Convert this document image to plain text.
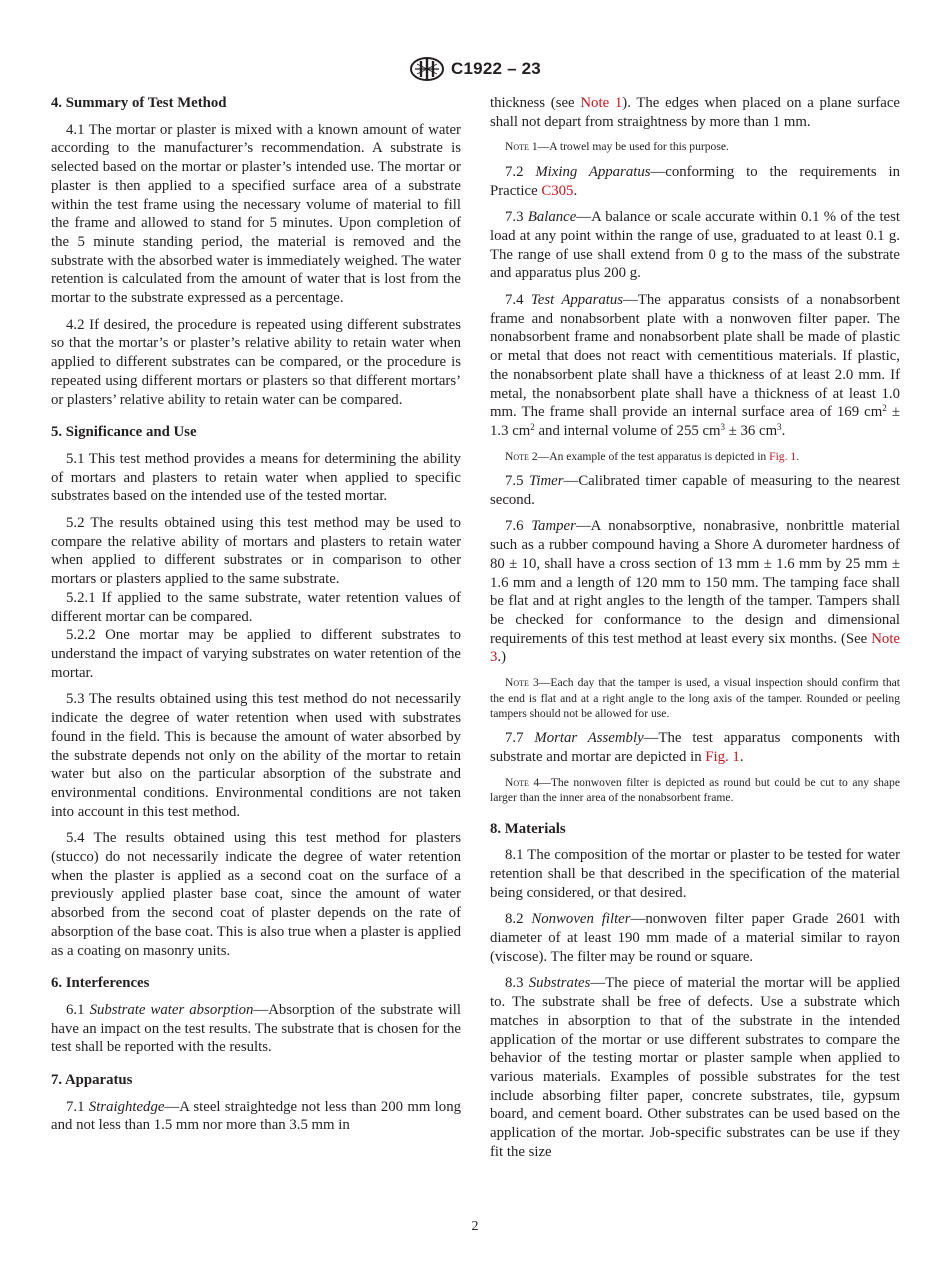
C1922 – 23
4. Summary of Test Method

4.1 The mortar or plaster is mixed with a known amount of water according to the manufacturer’s recommendation. A substrate is selected based on the mortar or plaster’s intended use. The mortar or plaster is then applied to a specified surface area of a substrate within the test frame using the necessary volume of material to fill the frame and allowed to stand for 5 minutes. Upon completion of the 5 minute standing period, the material is removed and the substrate with the absorbed water is immediately weighed. The water retention is calculated from the amount of water that is lost from the mortar to the substrate expressed as a percentage.

4.2 If desired, the procedure is repeated using different substrates so that the mortar’s or plaster’s relative ability to retain water when applied to different substrates can be compared, or the procedure is repeated using different mortars or plasters so that different mortars’ or plasters’ relative ability to retain water can be compared.

5. Significance and Use

5.1 This test method provides a means for determining the ability of mortars and plasters to retain water when applied to specific substrates based on the intended use of the tested mortar.

5.2 The results obtained using this test method may be used to compare the relative ability of mortars and plasters to retain water when applied to different substrates or in comparison to other mortars or plasters applied to the same substrate.

5.2.1 If applied to the same substrate, water retention values of different mortar can be compared.

5.2.2 One mortar may be applied to different substrates to understand the impact of varying substrates on water retention of the mortar.

5.3 The results obtained using this test method do not necessarily indicate the degree of water retention when used with substrates found in the field. This is because the amount of water absorbed by the substrate depends not only on the ability of the mortar to retain water but also on the particular absorption of the substrate and environmental conditions. Environmental conditions are not taken into account in this test method.

5.4 The results obtained using this test method for plasters (stucco) do not necessarily indicate the degree of water retention when the plaster is applied as a second coat on the surface of a previously applied plaster base coat, since the amount of water absorbed from the second coat of plaster depends on the rate of absorption of the base coat. This is also true when a plaster is applied as a coating on masonry units.

6. Interferences

6.1 Substrate water absorption—Absorption of the substrate will have an impact on the test results. The substrate that is chosen for the test shall be reported with the results.

7. Apparatus

7.1 Straightedge—A steel straightedge not less than 200 mm long and not less than 1.5 mm nor more than 3.5 mm in

thickness (see Note 1). The edges when placed on a plane surface shall not depart from straightness by more than 1 mm.

Note 1—A trowel may be used for this purpose.

7.2 Mixing Apparatus—conforming to the requirements in Practice C305.

7.3 Balance—A balance or scale accurate within 0.1 % of the test load at any point within the range of use, graduated to at least 0.1 g. The range of use shall extend from 0 g to the mass of the substrate and apparatus plus 200 g.

7.4 Test Apparatus—The apparatus consists of a nonabsorbent frame and nonabsorbent plate with a nonwoven filter paper. The nonabsorbent frame and nonabsorbent plate shall be made of plastic or metal that does not react with cementitious materials. If plastic, the nonabsorbent plate shall have a thickness of at least 2.0 mm. If metal, the nonabsorbent plate shall have a thickness of at least 1.0 mm. The frame shall provide an internal surface area of 169 $cm^2 \pm 1.3$ $cm^2$ and internal volume of 255 $cm^3 \pm 36$ $cm^3$.

Note 2—An example of the test apparatus is depicted in Fig. 1.

7.5 Timer—Calibrated timer capable of measuring to the nearest second.

7.6 Tamper—A nonabsorptive, nonabrasive, nonbrittle material such as a rubber compound having a Shore A durometer hardness of 80 ± 10, shall have a cross section of 13 mm ± 1.6 mm by 25 mm ± 1.6 mm and a length of 120 mm to 150 mm. The tamping face shall be flat and at right angles to the length of the tamper. Tampers shall be checked for conformance to the design and dimensional requirements of this test method at least every six months. (See Note 3.)

Note 3—Each day that the tamper is used, a visual inspection should confirm that the end is flat and at a right angle to the long axis of the tamper. Rounded or peeling tampers should not be allowed for use.

7.7 Mortar Assembly—The test apparatus components with substrate and mortar are depicted in Fig. 1.

Note 4—The nonwoven filter is depicted as round but could be cut to any shape larger than the inner area of the nonabsorbent frame.

8. Materials

8.1 The composition of the mortar or plaster to be tested for water retention shall be that described in the specification of the material being considered, or that desired.

8.2 Nonwoven filter—nonwoven filter paper Grade 2601 with diameter of at least 190 mm made of a material similar to rayon (viscose). The filter may be round or square.

8.3 Substrates—The piece of material the mortar will be applied to. The substrate shall be free of defects. Use a substrate which matches in absorption to that of the substrate in the intended application of the mortar or use different substrates to compare the behavior of the testing mortar or plaster sample when applied to various materials. Examples of possible substrates for the test include absorbing filter paper, concrete substrates, tile, gypsum board, and cement board. Other substrates can be used based on the application of the mortar. Job-specific substrates can be use if they fit the size

2
